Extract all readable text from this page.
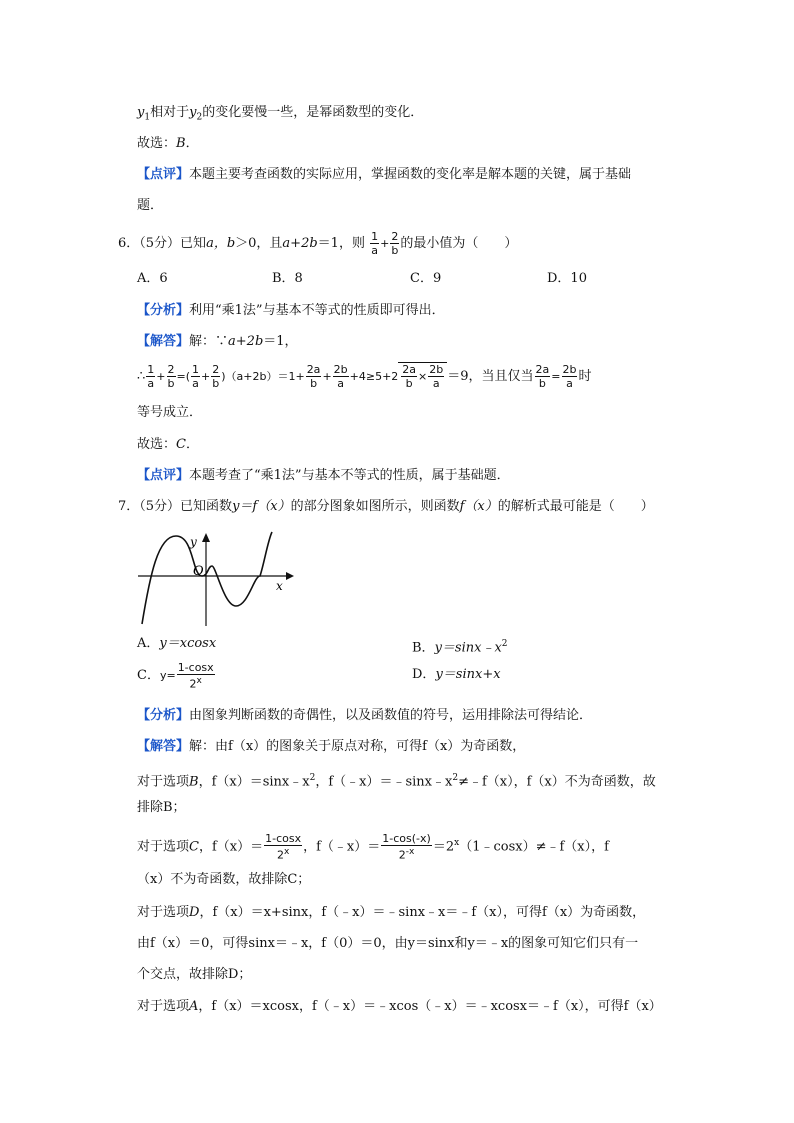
$y_1$相对于$y_2$的变化要慢一些，是幂函数型的变化．
故选：B．
【点评】本题主要考查函数的实际应用，掌握函数的变化率是解本题的关键，属于基础
题．
6．（5分）已知a，b＞0，且a+2b＝1，则 $\frac{1}{a} + \frac{2}{b}$ 的最小值为（　　）
A．6	B．8	C．9	D．10
【分析】利用“乘1法”与基本不等式的性质即可得出．
【解答】解：∵a+2b＝1，
∴ $\frac{1}{a} + \frac{2}{b}$ =( $\frac{1}{a} + \frac{2}{b} )(a+2b)=1+ \frac{2a}{b} + \frac{2b}{a} +4\ge 5+2 \frac{2a}{b} \times \frac{2b}{a} =9$，当且仅当 $\frac{2a}{b} = \frac{2b}{a}$ 时
等号成立．
故选：C．
【点评】本题考查了“乘1法”与基本不等式的性质，属于基础题．
7．（5分）已知函数y＝f（x）的部分图象如图所示，则函数f（x）的解析式最可能是（　　）
y
x
O
A．y＝xcosx	B．$y=\sin x﹣x^2$
C．$y= \frac{1-\cos x}{2^x}$	D．y＝sinx+x
【分析】由图象判断函数的奇偶性，以及函数值的符号，运用排除法可得结论．
【解答】解：由f（x）的图象关于原点对称，可得f（x）为奇函数，
对于选项B，$f(x)=\sin x﹣x^2$，$f(﹣x)=﹣\sin x﹣x^2\ne﹣f(x)$，f（x）不为奇函数，故
排除B；
对于选项C，$f(x)= \frac{1-\cos x}{2^x}$ ，f（﹣x）＝ $\frac{1-\cos(-x)}{2^{-x}}$ $=2^x(1﹣\cos x)\ne﹣f(x)$，f
（x）不为奇函数，故排除C；
对于选项D，f（x）＝x+sinx，f（﹣x）＝﹣sinx﹣x＝﹣f（x），可得f（x）为奇函数，
由f（x）＝0，可得sinx＝﹣x，f（0）＝0，由y＝sinx和y＝﹣x的图象可知它们只有一
个交点，故排除D；
对于选项A，f（x）＝xcosx，f（﹣x）＝﹣xcos（﹣x）＝﹣xcosx＝﹣f（x），可得f（x）
